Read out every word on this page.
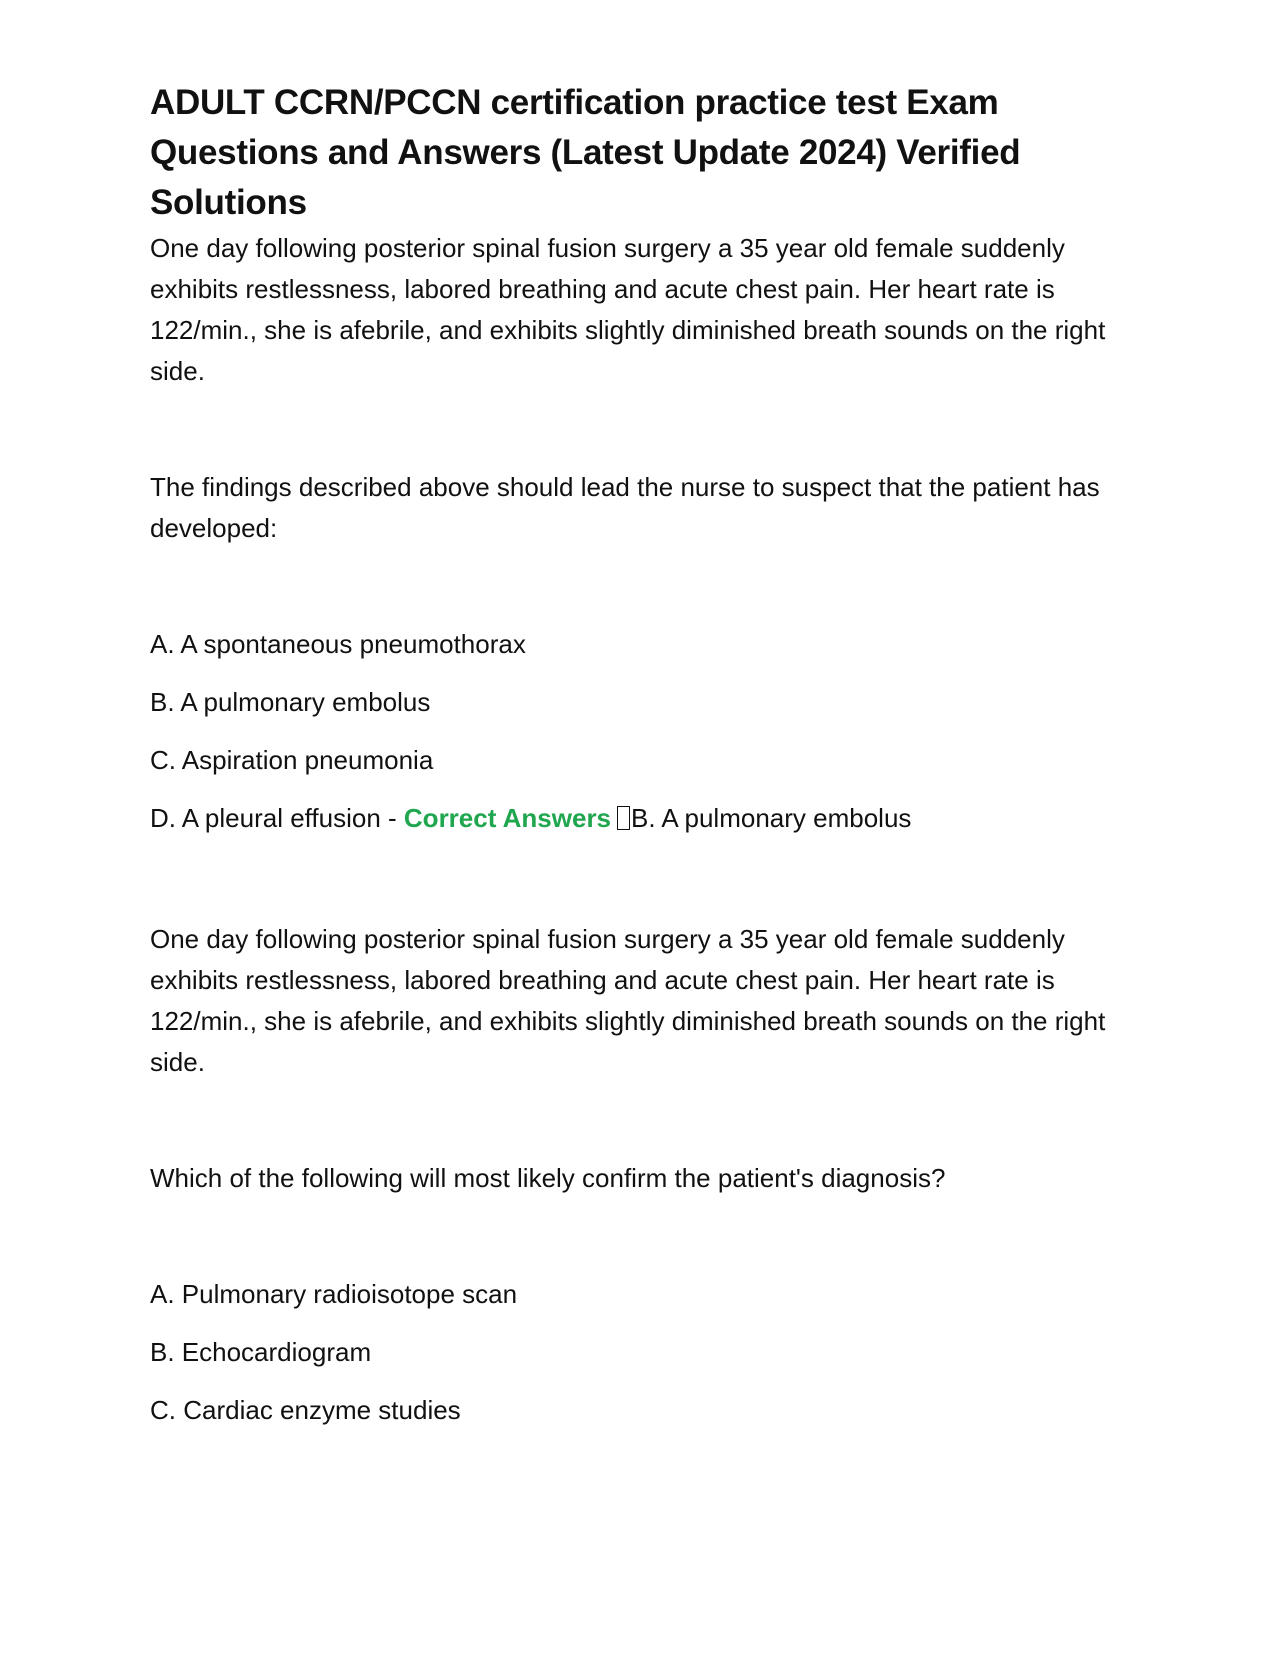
ADULT CCRN/PCCN certification practice test Exam Questions and Answers (Latest Update 2024) Verified Solutions

One day following posterior spinal fusion surgery a 35 year old female suddenly exhibits restlessness, labored breathing and acute chest pain. Her heart rate is 122/min., she is afebrile, and exhibits slightly diminished breath sounds on the right side.

The findings described above should lead the nurse to suspect that the patient has developed:

A. A spontaneous pneumothorax

B. A pulmonary embolus

C. Aspiration pneumonia

D. A pleural effusion - Correct Answers B. A pulmonary embolus

One day following posterior spinal fusion surgery a 35 year old female suddenly exhibits restlessness, labored breathing and acute chest pain. Her heart rate is 122/min., she is afebrile, and exhibits slightly diminished breath sounds on the right side.

Which of the following will most likely confirm the patient's diagnosis?

A. Pulmonary radioisotope scan

B. Echocardiogram

C. Cardiac enzyme studies
